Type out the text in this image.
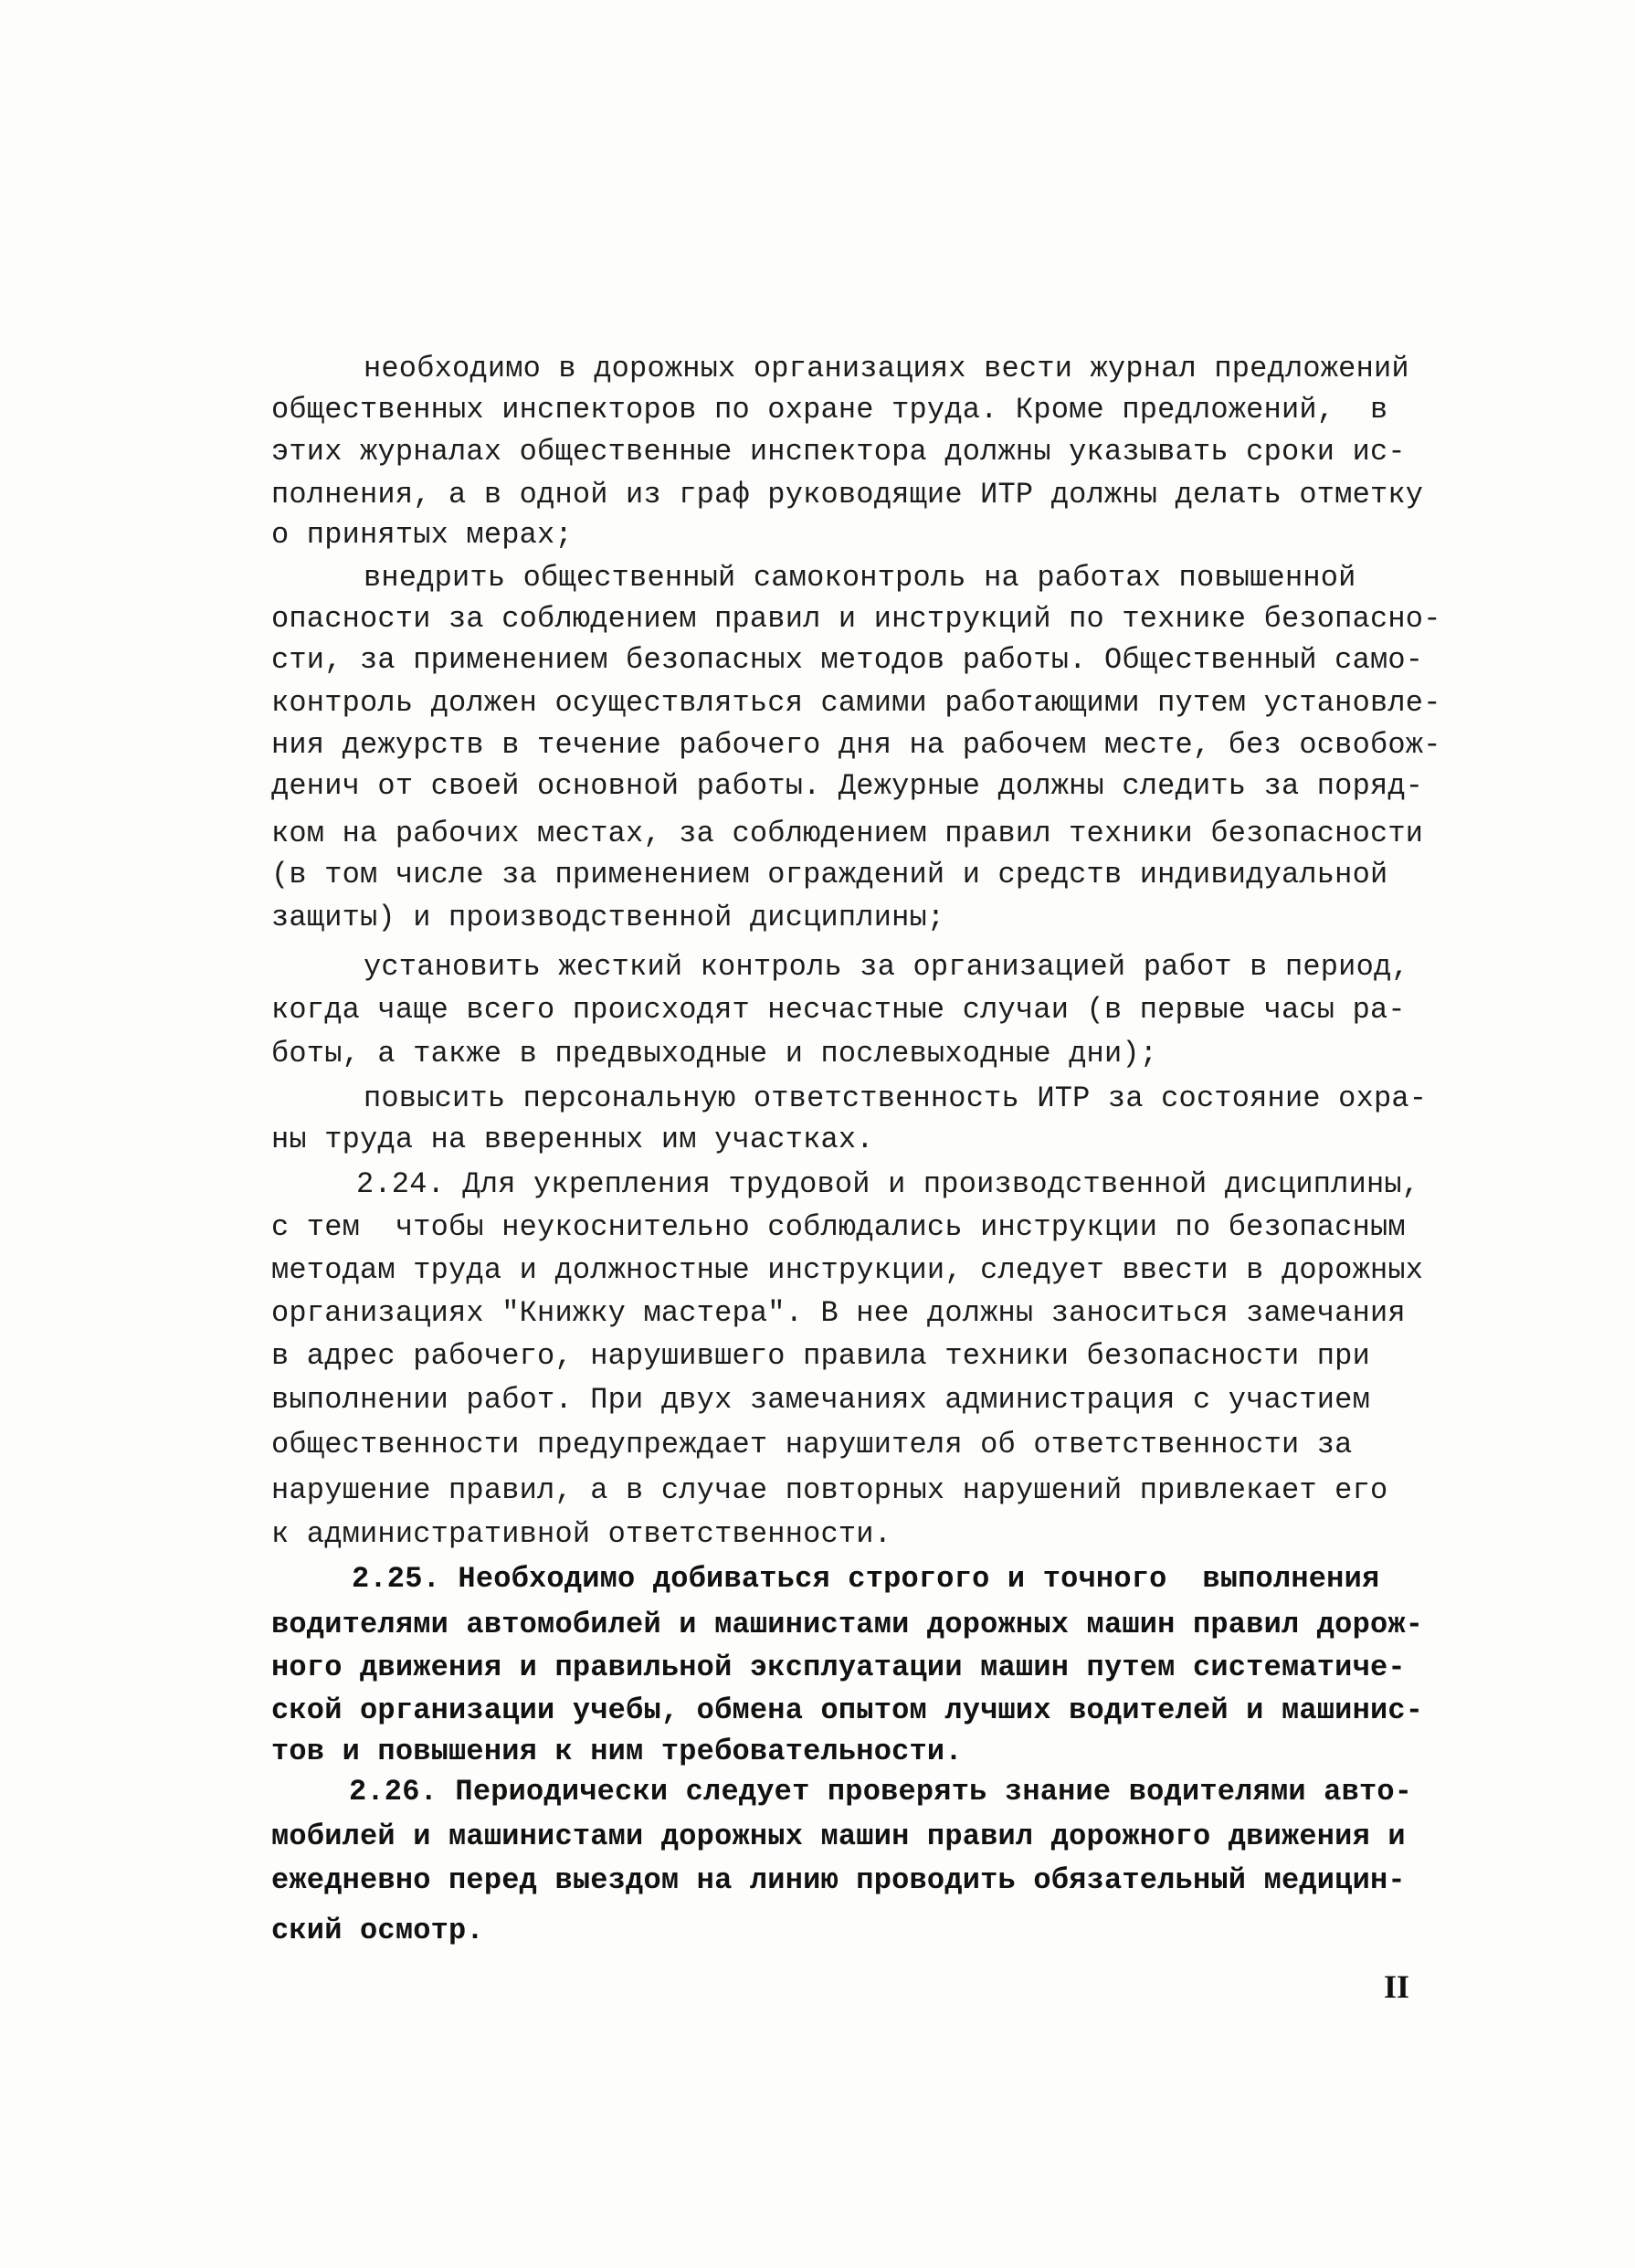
необходимо в дорожных организациях вести журнал предложений
общественных инспекторов по охране труда. Кроме предложений,  в
этих журналах общественные инспектора должны указывать сроки ис-
полнения, а в одной из граф руководящие ИТР должны делать отметку
о принятых мерах;
внедрить общественный самоконтроль на работах повышенной
опасности за соблюдением правил и инструкций по технике безопасно-
сти, за применением безопасных методов работы. Общественный само-
контроль должен осуществляться самими работающими путем установле-
ния дежурств в течение рабочего дня на рабочем месте, без освобож-
денич от своей основной работы. Дежурные должны следить за поряд-
ком на рабочих местах, за соблюдением правил техники безопасности
(в том числе за применением ограждений и средств индивидуальной
защиты) и производственной дисциплины;
установить жесткий контроль за организацией работ в период,
когда чаще всего происходят несчастные случаи (в первые часы ра-
боты, а также в предвыходные и послевыходные дни);
повысить персональную ответственность ИТР за состояние охра-
ны труда на вверенных им участках.
2.24. Для укрепления трудовой и производственной дисциплины,
с тем  чтобы неукоснительно соблюдались инструкции по безопасным
методам труда и должностные инструкции, следует ввести в дорожных
организациях "Книжку мастера". В нее должны заноситься замечания
в адрес рабочего, нарушившего правила техники безопасности при
выполнении работ. При двух замечаниях администрация с участием
общественности предупреждает нарушителя об ответственности за
нарушение правил, а в случае повторных нарушений привлекает его
к административной ответственности.
2.25. Необходимо добиваться строгого и точного  выполнения
водителями автомобилей и машинистами дорожных машин правил дорож-
ного движения и правильной эксплуатации машин путем систематиче-
ской организации учебы, обмена опытом лучших водителей и машинис-
тов и повышения к ним требовательности.
2.26. Периодически следует проверять знание водителями авто-
мобилей и машинистами дорожных машин правил дорожного движения и
ежедневно перед выездом на линию проводить обязательный медицин-
ский осмотр.
II
